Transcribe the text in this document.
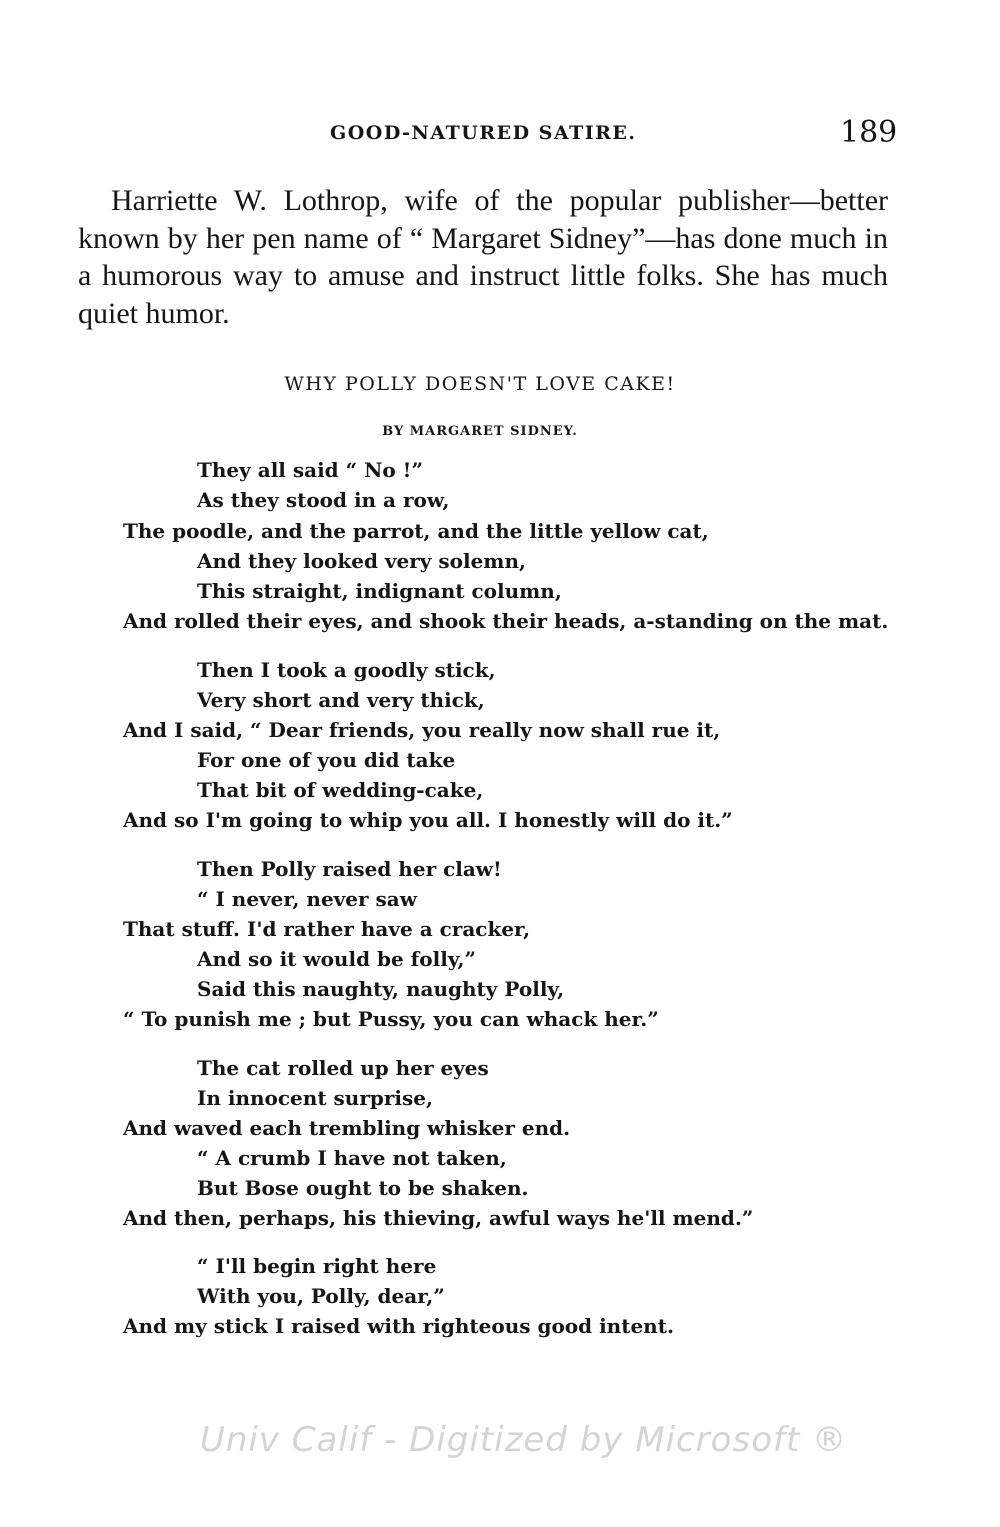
GOOD-NATURED SATIRE.	189

Harriette W. Lothrop, wife of the popular publisher—better known by her pen name of “ Margaret Sidney”—has done much in a humorous way to amuse and instruct little folks. She has much quiet humor.

WHY POLLY DOESN'T LOVE CAKE!
BY MARGARET SIDNEY.
They all said “ No !”
As they stood in a row,
The poodle, and the parrot, and the little yellow cat,
And they looked very solemn,
This straight, indignant column,
And rolled their eyes, and shook their heads, a-standing on the mat.
Then I took a goodly stick,
Very short and very thick,
And I said, “ Dear friends, you really now shall rue it,
For one of you did take
That bit of wedding-cake,
And so I'm going to whip you all. I honestly will do it.”
Then Polly raised her claw!
“ I never, never saw
That stuff. I'd rather have a cracker,
And so it would be folly,”
Said this naughty, naughty Polly,
“ To punish me ; but Pussy, you can whack her.”
The cat rolled up her eyes
In innocent surprise,
And waved each trembling whisker end.
“ A crumb I have not taken,
But Bose ought to be shaken.
And then, perhaps, his thieving, awful ways he'll mend.”
“ I'll begin right here
With you, Polly, dear,”
And my stick I raised with righteous good intent.
Univ Calif - Digitized by Microsoft ®
